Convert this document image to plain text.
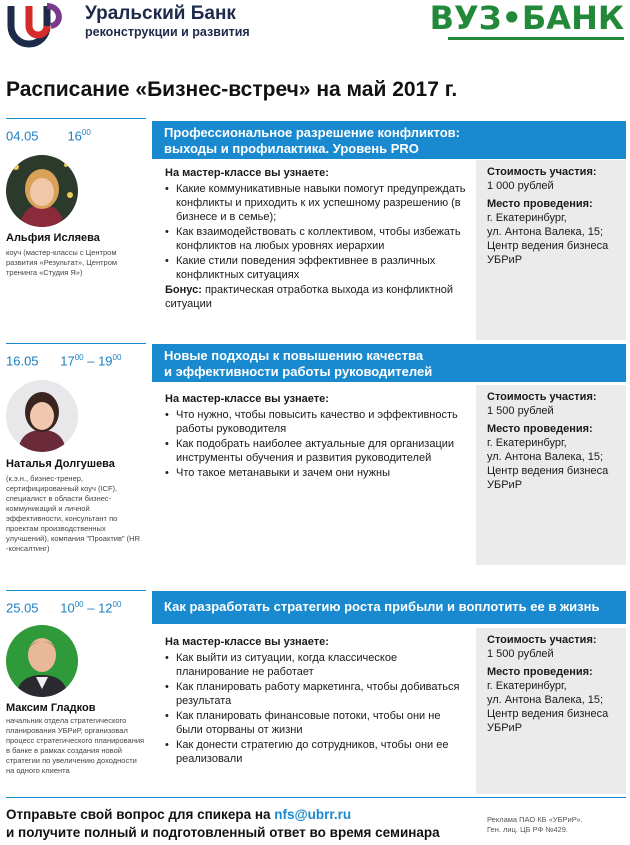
Уральский Банк
реконструкции и развития	ВУЗ•БАНК
Расписание «Бизнес-встреч» на май 2017 г.
04.05 $16^{00}$	Профессиональное разрешение конфликтов:
выходы и профилактика. Уровень PRO
Альфия Исляева
коуч (мастер-классы с Центром развития «Результат», Центром тренинга «Студия Я»)
На мастер-классе вы узнаете:
• Какие коммуникативные навыки помогут предупреждать конфликты и приходить к их успешному разрешению (в бизнесе и в семье);
• Как взаимодействовать с коллективом, чтобы избежать конфликтов на любых уровнях иерархии
• Какие стили поведения эффективнее в различных конфликтных ситуациях
Бонус: практическая отработка выхода из конфликтной ситуации
Стоимость участия:
1 000 рублей
Место проведения:
г. Екатеринбург,
ул. Антона Валека, 15;
Центр ведения бизнеса
УБРиР
16.05 $17^{00} - 19^{00}$	Новые подходы к повышению качества
и эффективности работы руководителей
Наталья Долгушева
(к.э.н., бизнес-тренер, сертифицированный коуч (ICF), специалист в области бизнес-коммуникаций и личной эффективности, консультант по проектам производственных улучшений), компания "Проактив" (HR -консалтинг)
На мастер-классе вы узнаете:
• Что нужно, чтобы повысить качество и эффективность работы руководителя
• Как подобрать наиболее актуальные для организации инструменты обучения и развития руководителей
• Что такое метанавыки и зачем они нужны
Стоимость участия:
1 500 рублей
Место проведения:
г. Екатеринбург,
ул. Антона Валека, 15;
Центр ведения бизнеса
УБРиР
25.05 $10^{00} - 12^{00}$	Как разработать стратегию роста прибыли и воплотить ее в жизнь
Максим Гладков
начальник отдела стратегического планирования УБРиР, организовал процесс стратегического планирования в банке в рамках создания новой стратегии по увеличению доходности на одного клиента
На мастер-классе вы узнаете:
• Как выйти из ситуации, когда классическое планирование не работает
• Как планировать работу маркетинга, чтобы добиваться результата
• Как планировать финансовые потоки, чтобы они не были оторваны от жизни
• Как донести стратегию до сотрудников, чтобы они ее реализовали
Стоимость участия:
1 500 рублей
Место проведения:
г. Екатеринбург,
ул. Антона Валека, 15;
Центр ведения бизнеса
УБРиР
Отправьте свой вопрос для спикера на nfs@ubrr.ru
и получите полный и подготовленный ответ во время семинара
Реклама ПАО КБ «УБРиР».
Ген. лиц. ЦБ РФ №429.
